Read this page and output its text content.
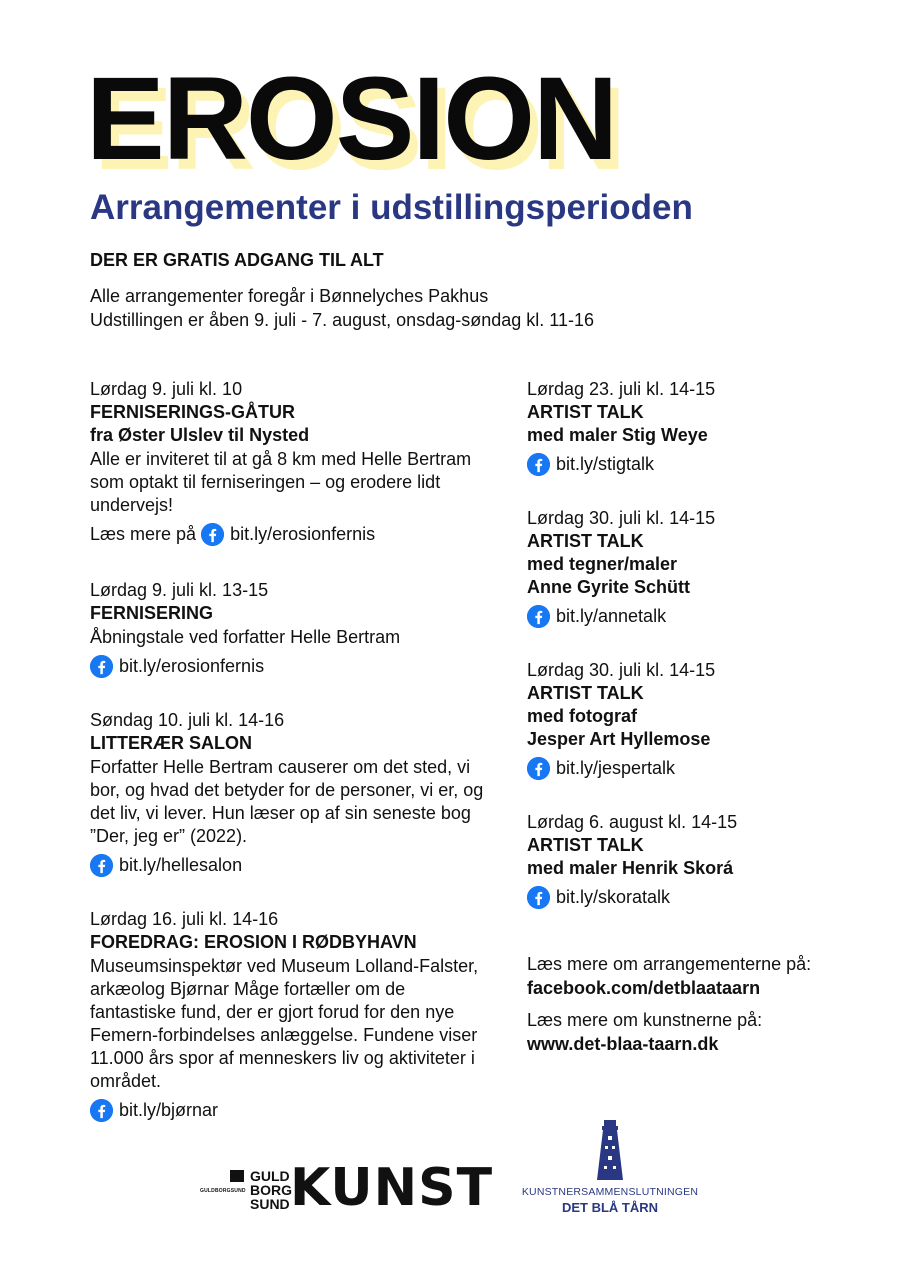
EROSION
Arrangementer i udstillingsperioden
DER ER GRATIS ADGANG TIL ALT
Alle arrangementer foregår i Bønnelyches Pakhus
Udstillingen er åben 9. juli - 7. august, onsdag-søndag kl. 11-16
Lørdag 9. juli kl. 10
FERNISERINGS-GÅTUR
fra Øster Ulslev til Nysted
Alle er inviteret til at gå 8 km med Helle Bertram som optakt til ferniseringen – og erodere lidt undervejs!
Læs mere på bit.ly/erosionfernis
Lørdag 9. juli kl. 13-15
FERNISERING
Åbningstale ved forfatter Helle Bertram
bit.ly/erosionfernis
Søndag 10. juli kl. 14-16
LITTERÆR SALON
Forfatter Helle Bertram causerer om det sted, vi bor, og hvad det betyder for de personer, vi er, og det liv, vi lever. Hun læser op af sin seneste bog ”Der, jeg er” (2022).
bit.ly/hellesalon
Lørdag 16. juli kl. 14-16
FOREDRAG: EROSION I RØDBYHAVN
Museumsinspektør ved Museum Lolland-Falster, arkæolog Bjørnar Måge fortæller om de fantastiske fund, der er gjort forud for den nye Femern-forbindelses anlæggelse. Fundene viser 11.000 års spor af menneskers liv og aktiviteter i området.
bit.ly/bjørnar
Lørdag 23. juli kl. 14-15
ARTIST TALK
med maler Stig Weye
bit.ly/stigtalk
Lørdag 30. juli kl. 14-15
ARTIST TALK
med tegner/maler
Anne Gyrite Schütt
bit.ly/annetalk
Lørdag 30. juli kl. 14-15
ARTIST TALK
med fotograf
Jesper Art Hyllemose
bit.ly/jespertalk
Lørdag 6. august kl. 14-15
ARTIST TALK
med maler Henrik Skorá
bit.ly/skoratalk

Læs mere om arrangementerne på:
facebook.com/detblaataarn

Læs mere om kunstnerne på:
www.det-blaa-taarn.dk

GULDBORGSUND
GULD
BORG
SUND KUNST	KUNSTNERSAMMENSLUTNINGEN
DET BLÅ TÅRN
